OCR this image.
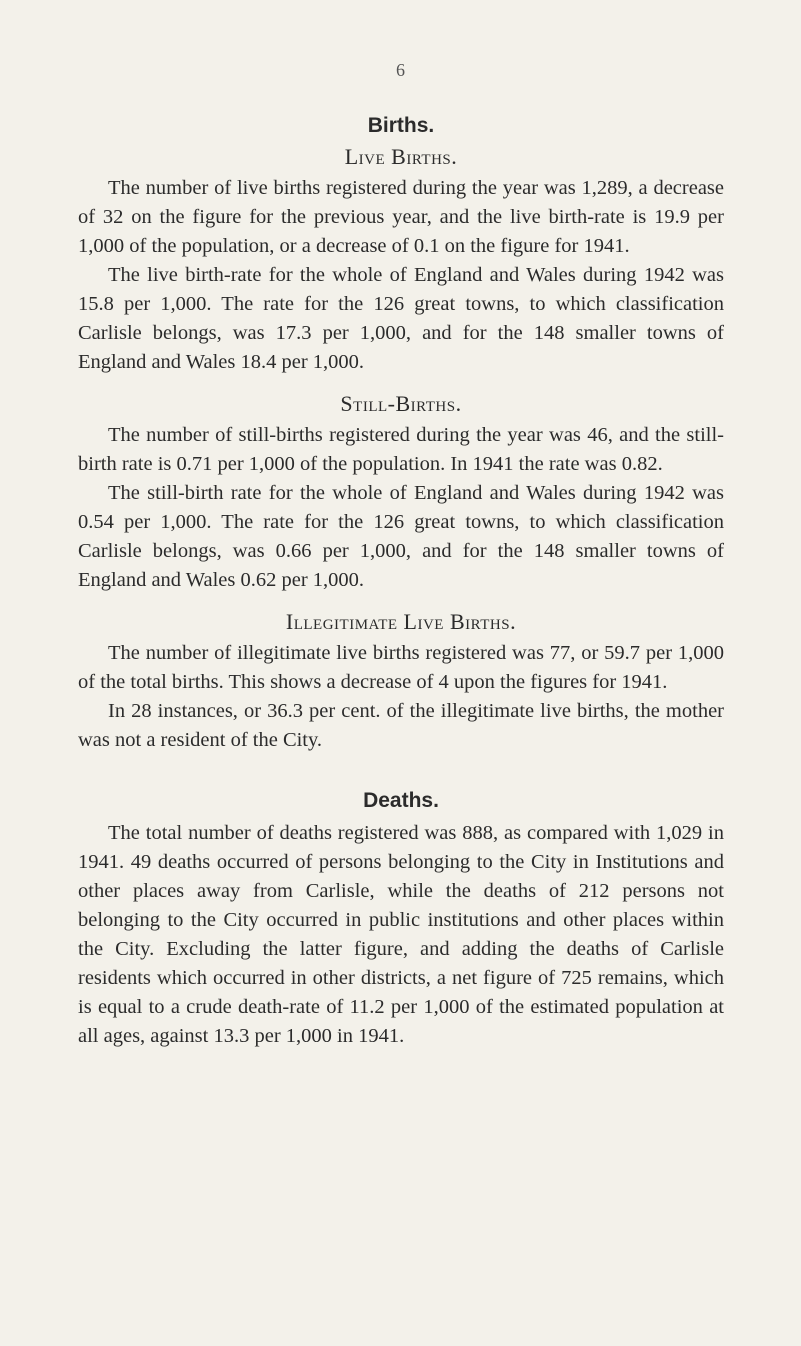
6
Births.
Live Births.

The number of live births registered during the year was 1,289, a decrease of 32 on the figure for the previous year, and the live birth-rate is 19.9 per 1,000 of the population, or a decrease of 0.1 on the figure for 1941.

The live birth-rate for the whole of England and Wales during 1942 was 15.8 per 1,000. The rate for the 126 great towns, to which classification Carlisle belongs, was 17.3 per 1,000, and for the 148 smaller towns of England and Wales 18.4 per 1,000.

Still-Births.

The number of still-births registered during the year was 46, and the still-birth rate is 0.71 per 1,000 of the population. In 1941 the rate was 0.82.

The still-birth rate for the whole of England and Wales during 1942 was 0.54 per 1,000. The rate for the 126 great towns, to which classification Carlisle belongs, was 0.66 per 1,000, and for the 148 smaller towns of England and Wales 0.62 per 1,000.

Illegitimate Live Births.

The number of illegitimate live births registered was 77, or 59.7 per 1,000 of the total births. This shows a decrease of 4 upon the figures for 1941.

In 28 instances, or 36.3 per cent. of the illegitimate live births, the mother was not a resident of the City.

Deaths.

The total number of deaths registered was 888, as compared with 1,029 in 1941. 49 deaths occurred of persons belonging to the City in Institutions and other places away from Carlisle, while the deaths of 212 persons not belonging to the City occurred in public institutions and other places within the City. Excluding the latter figure, and adding the deaths of Carlisle residents which occurred in other districts, a net figure of 725 remains, which is equal to a crude death-rate of 11.2 per 1,000 of the estimated population at all ages, against 13.3 per 1,000 in 1941.
